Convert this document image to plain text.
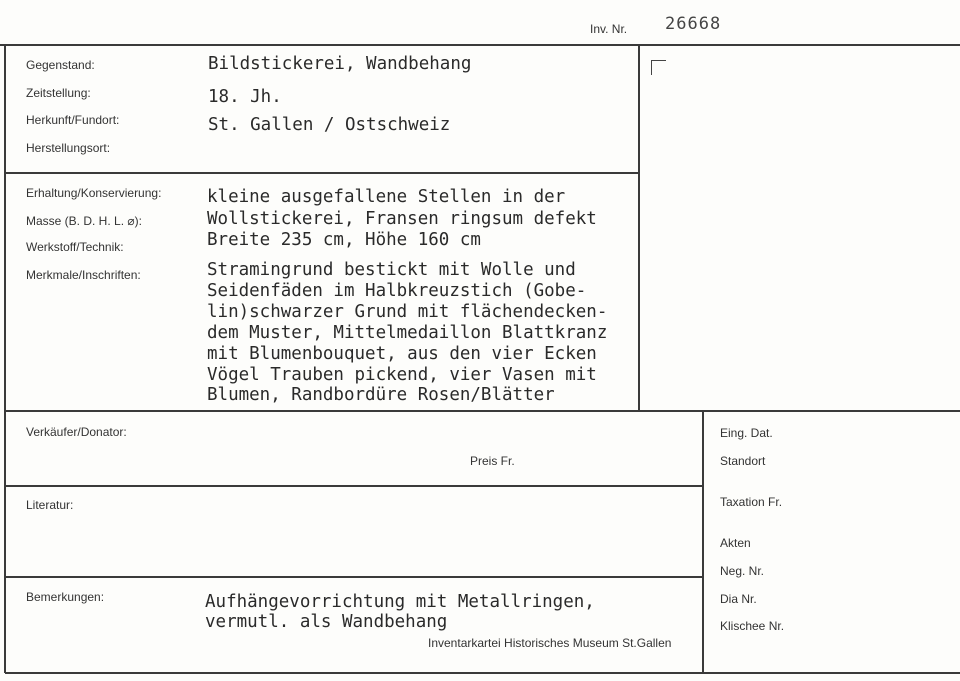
Inv. Nr. 26668
Gegenstand:
Zeitstellung:
Herkunft/Fundort:
Herstellungsort:
Bildstickerei, Wandbehang
18. Jh.
St. Gallen / Ostschweiz
Erhaltung/Konservierung:
Masse (B. D. H. L. ⌀):
Werkstoff/Technik:
Merkmale/Inschriften:
kleine ausgefallene Stellen in der
Wollstickerei, Fransen ringsum defekt
Breite 235 cm, Höhe 160 cm
Stramingrund bestickt mit Wolle und
Seidenfäden im Halbkreuzstich (Gobe-
lin)schwarzer Grund mit flächendecken-
dem Muster, Mittelmedaillon Blattkranz
mit Blumenbouquet, aus den vier Ecken
Vögel Trauben pickend, vier Vasen mit
Blumen, Randbordüre Rosen/Blätter
Verkäufer/Donator:
Preis Fr.
Literatur:
Bemerkungen:	Aufhängevorrichtung mit Metallringen,
vermutl. als Wandbehang
Inventarkartei Historisches Museum St.Gallen
Eing. Dat.
Standort
Taxation Fr.
Akten
Neg. Nr.
Dia Nr.
Klischee Nr.
